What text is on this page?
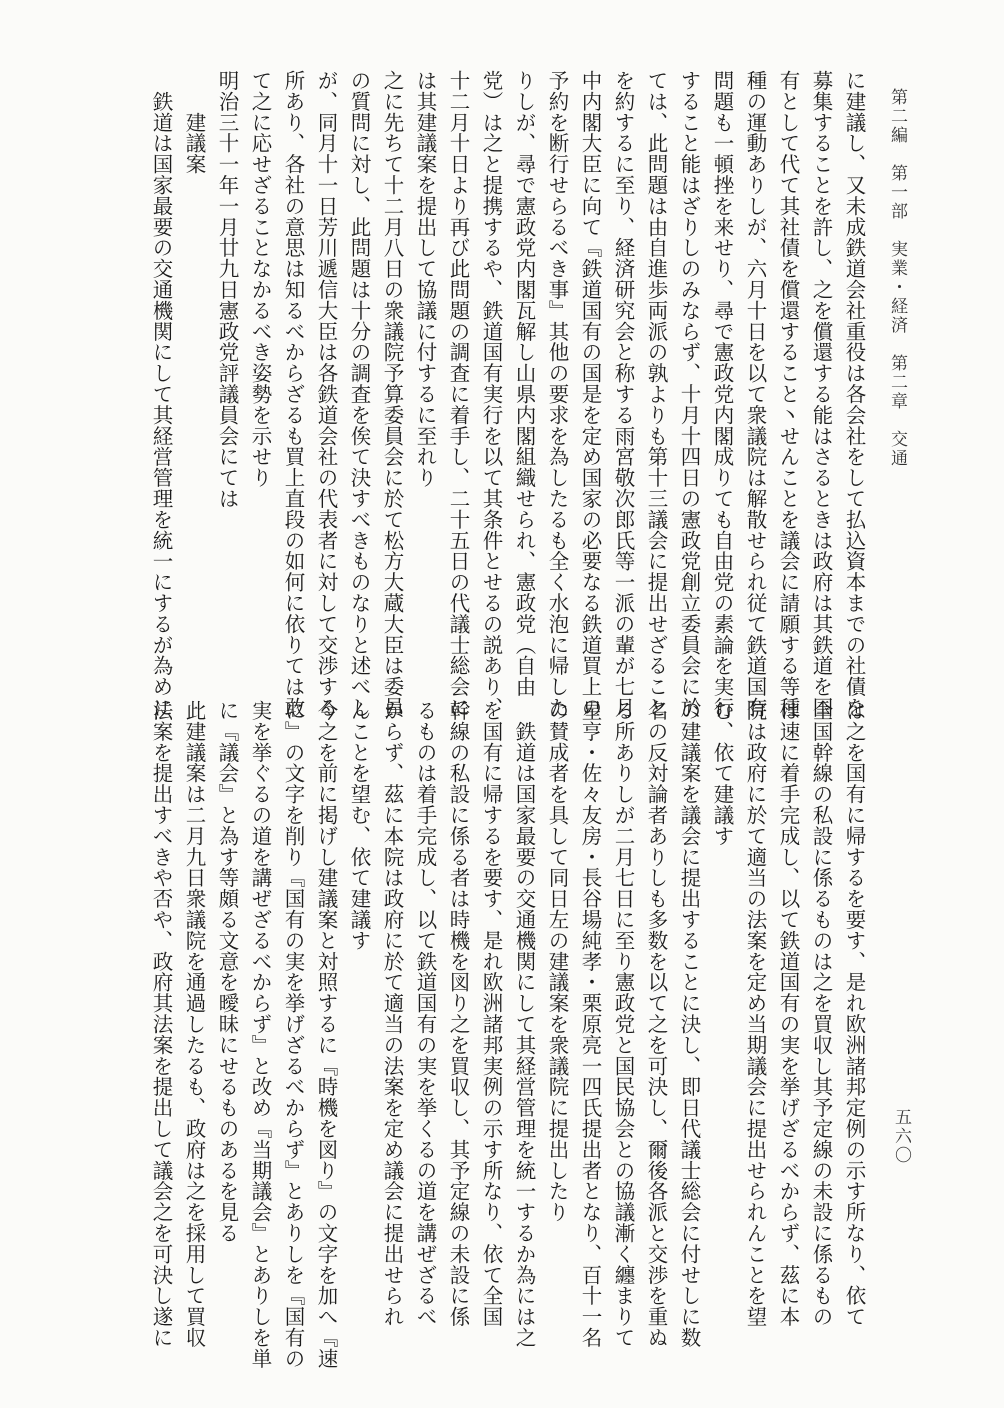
第二編　第一部　実業・経済　第二章　交通
五六〇
に建議し、又未成鉄道会社重役は各会社をして払込資本までの社債を
募集することを許し、之を償還する能はさるときは政府は其鉄道を国
有として代て其社債を償還すること丶せんことを議会に請願する等種
種の運動ありしが、六月十日を以て衆議院は解散せられ従て鉄道国有
問題も一頓挫を来せり、尋で憲政党内閣成りても自由党の素論を実行
すること能はざりしのみならず、十月十四日の憲政党創立委員会に於
ては、此問題は由自進歩両派の孰よりも第十三議会に提出せざること
を約するに至り、経済研究会と称する雨宮敬次郎氏等一派の輩が七月
中内閣大臣に向て『鉄道国有の国是を定め国家の必要なる鉄道買上の
予約を断行せらるべき事』其他の要求を為したるも全く水泡に帰した
りしが、尋で憲政党内閣瓦解し山県内閣組織せられ、憲政党（自由
党）は之と提携するや、鉄道国有実行を以て其条件とせるの説あり、
十二月十日より再び此問題の調査に着手し、二十五日の代議士総会に
は其建議案を提出して協議に付するに至れり
之に先ちて十二月八日の衆議院予算委員会に於て松方大蔵大臣は委員
の質問に対し、此問題は十分の調査を俟て決すべきものなりと述べし
が、同月十一日芳川遞信大臣は各鉄道会社の代表者に対して交渉する
所あり、各社の意思は知るべからざるも買上直段の如何に依りては敢
て之に応せざることなかるべき姿勢を示せり
明治三十一年一月廿九日憲政党評議員会にては
　　建議案
　鉄道は国家最要の交通機関にして其経営管理を統一にするが為めに
は之を国有に帰するを要す、是れ欧洲諸邦定例の示す所なり、依て
全国幹線の私設に係るものは之を買収し其予定線の未設に係るもの
は速に着手完成し、以て鉄道国有の実を挙げざるべからず、茲に本
院は政府に於て適当の法案を定め当期議会に提出せられんことを望
む、依て建議す
の建議案を議会に提出することに決し、即日代議士総会に付せしに数
名の反対論者ありしも多数を以て之を可決し、爾後各派と交渉を重ぬ
る所ありしが二月七日に至り憲政党と国民協会との協議漸く纏まりて
星亨・佐々友房・長谷場純孝・栗原亮一四氏提出者となり、百十一名
の賛成者を具して同日左の建議案を衆議院に提出したり
　鉄道は国家最要の交通機関にして其経営管理を統一するか為には之
を国有に帰するを要す、是れ欧洲諸邦実例の示す所なり、依て全国
幹線の私設に係る者は時機を図り之を買収し、其予定線の未設に係
るものは着手完成し、以て鉄道国有の実を挙くるの道を講ぜざるべ
からず、茲に本院は政府に於て適当の法案を定め議会に提出せられ
んことを望む、依て建議す
今之を前に掲げし建議案と対照するに『時機を図り』の文字を加へ『速
に』の文字を削り『国有の実を挙げざるべからず』とありしを『国有の
実を挙ぐるの道を講ぜざるべからず』と改め『当期議会』とありしを単
に『議会』と為す等頗る文意を曖昧にせるものあるを見る
此建議案は二月九日衆議院を通過したるも、政府は之を採用して買収
法案を提出すべきや否や、政府其法案を提出して議会之を可決し遂に
